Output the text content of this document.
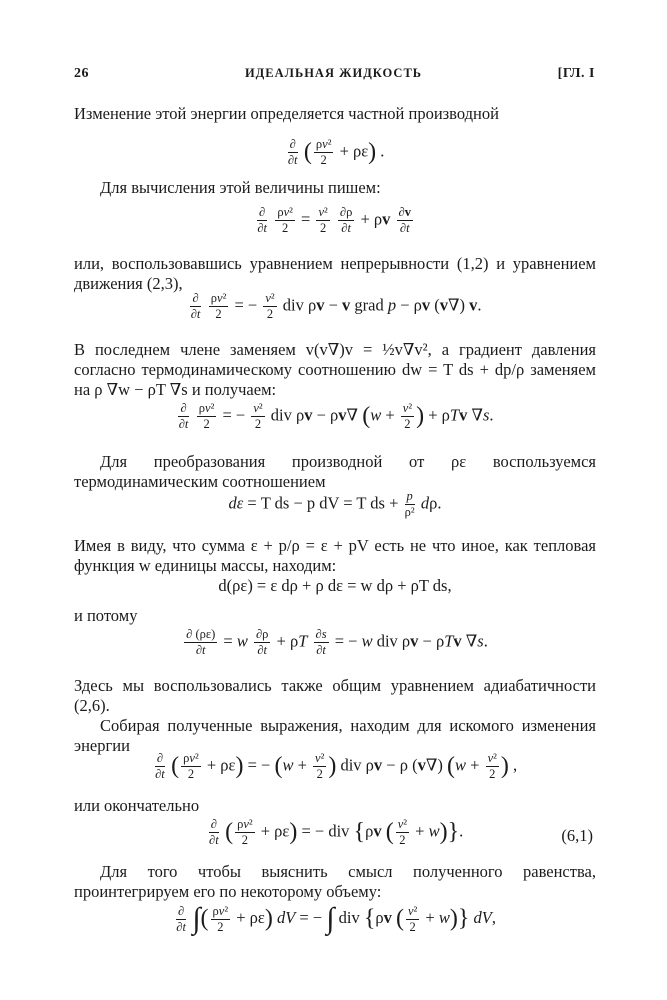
ИДЕАЛЬНАЯ ЖИДКОСТЬ
26	[ГЛ. I
Изменение этой энергии определяется частной производной
∂
∂t ( $\frac{\text{ρv²}}{2} + \rho\varepsilon$) .
Для вычисления этой величины пишем:
∂
∂t
$\frac{\text{ρv²}}{2} = \frac{\text{v²}}{2}$
$\frac{\partial\rho}{\partial t} + \rho v \frac{\partial v}{\partial t}$
или, воспользовавшись уравнением непрерывности (1,2) и уравнением движения (2,3),
∂
∂t
$\frac{\text{ρv²}}{2}$ = − $\frac{\text{v²}}{2}$ div ρv − v grad p − ρv (v∇) v.
В последнем члене заменяем v(v∇)v = ½v∇v², а градиент давления согласно термодинамическому соотношению dw = T ds + dp/ρ заменяем на ρ ∇w − ρT ∇s и получаем:
∂
∂t
$\frac{\text{ρv²}}{2}$ = − $\frac{\text{v²}}{2}$ div ρv − ρv∇ ($w + \frac{\text{v²}}{2}$ ) + ρTv ∇s.
Для преобразования производной от ρε воспользуемся термодинамическим соотношением
dε = T ds − p dV = T ds + $\frac{p}{\text{ρ²}} d\rho$.
Имея в виду, что сумма ε + p/ρ = ε + pV есть не что иное, как тепловая функция w единицы массы, находим:
d(ρε) = ε dρ + ρ dε = w dρ + ρT ds,
и потому
$\frac{\partial (\rho\varepsilon)}{\partial t} = w \frac{\partial\rho}{\partial t} + \rho T \frac{\partial s}{\partial t}$ = − w div ρv − ρTv ∇s.
Здесь мы воспользовались также общим уравнением адиабатичности (2,6).
Собирая полученные выражения, находим для искомого изменения энергии
∂
∂t ( $\frac{\text{ρv²}}{2} + \rho\varepsilon$) = − ($w + \frac{\text{v²}}{2}$ ) div ρv − ρ (v∇) ($w + \frac{\text{v²}}{2}$ ) ,
или окончательно
∂
∂t ( $\frac{\text{ρv²}}{2} + \rho\varepsilon$) = − div {ρv ( $\frac{\text{v²}}{2} + w$)}.	(6,1)
Для того чтобы выяснить смысл полученного равенства, проинтегрируем его по некоторому объему:
∂
∂t ∫( $\frac{\text{ρv²}}{2} + \rho\varepsilon$) dV = − ∫ div {ρv ( $\frac{\text{v²}}{2} + w$)} dV,
